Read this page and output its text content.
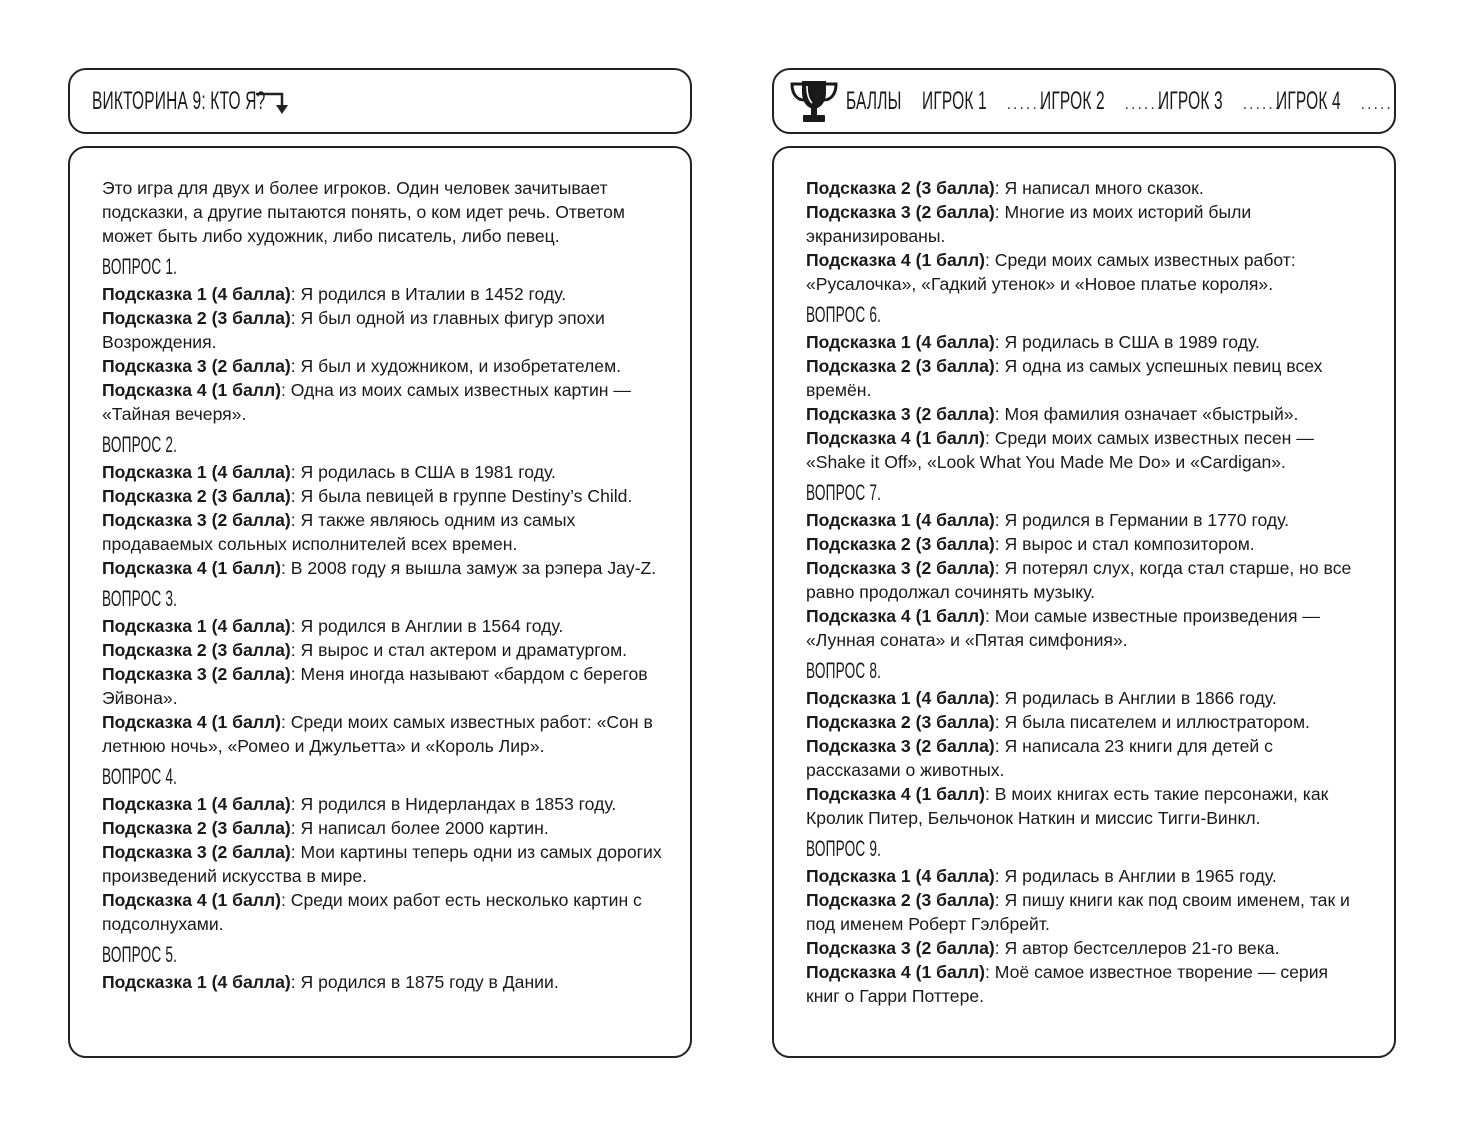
ВИКТОРИНА 9: КТО Я?	БАЛЛЫ ИГРОК 1 ......
ИГРОК 2 ......
ИГРОК 3 ......
ИГРОК 4 ......

Это игра для двух и более игроков. Один человек зачитывает подсказки, а другие пытаются понять, о ком идет речь. Ответом может быть либо художник, либо писатель, либо певец.

ВОПРОС 1.

Подсказка 1 (4 балла): Я родился в Италии в 1452 году.

Подсказка 2 (3 балла): Я был одной из главных фигур эпохи Возрождения.

Подсказка 3 (2 балла): Я был и художником, и изобретателем.

Подсказка 4 (1 балл): Одна из моих самых известных картин — «Тайная вечеря».

ВОПРОС 2.

Подсказка 1 (4 балла): Я родилась в США в 1981 году.

Подсказка 2 (3 балла): Я была певицей в группе Destiny’s Child.

Подсказка 3 (2 балла): Я также являюсь одним из самых продаваемых сольных исполнителей всех времен.

Подсказка 4 (1 балл): В 2008 году я вышла замуж за рэпера Jay-Z.

ВОПРОС 3.

Подсказка 1 (4 балла): Я родился в Англии в 1564 году.

Подсказка 2 (3 балла): Я вырос и стал актером и драматургом.

Подсказка 3 (2 балла): Меня иногда называют «бардом с берегов Эйвона».

Подсказка 4 (1 балл): Среди моих самых известных работ: «Сон в летнюю ночь», «Ромео и Джульетта» и «Король Лир».

ВОПРОС 4.

Подсказка 1 (4 балла): Я родился в Нидерландах в 1853 году.

Подсказка 2 (3 балла): Я написал более 2000 картин.

Подсказка 3 (2 балла): Мои картины теперь одни из самых дорогих произведений искусства в мире.

Подсказка 4 (1 балл): Среди моих работ есть несколько картин с подсолнухами.

ВОПРОС 5.

Подсказка 1 (4 балла): Я родился в 1875 году в Дании.

Подсказка 2 (3 балла): Я написал много сказок.

Подсказка 3 (2 балла): Многие из моих историй были экранизированы.

Подсказка 4 (1 балл): Среди моих самых известных работ: «Русалочка», «Гадкий утенок» и «Новое платье короля».

ВОПРОС 6.

Подсказка 1 (4 балла): Я родилась в США в 1989 году.

Подсказка 2 (3 балла): Я одна из самых успешных певиц всех времён.

Подсказка 3 (2 балла): Моя фамилия означает «быстрый».

Подсказка 4 (1 балл): Среди моих самых известных песен — «Shake it Off», «Look What You Made Me Do» и «Cardigan».

ВОПРОС 7.

Подсказка 1 (4 балла): Я родился в Германии в 1770 году.

Подсказка 2 (3 балла): Я вырос и стал композитором.

Подсказка 3 (2 балла): Я потерял слух, когда стал старше, но все равно продолжал сочинять музыку.

Подсказка 4 (1 балл): Мои самые известные произведения — «Лунная соната» и «Пятая симфония».

ВОПРОС 8.

Подсказка 1 (4 балла): Я родилась в Англии в 1866 году.

Подсказка 2 (3 балла): Я была писателем и иллюстратором.

Подсказка 3 (2 балла): Я написала 23 книги для детей с рассказами о животных.

Подсказка 4 (1 балл): В моих книгах есть такие персонажи, как Кролик Питер, Бельчонок Наткин и миссис Тигги-Винкл.

ВОПРОС 9.

Подсказка 1 (4 балла): Я родилась в Англии в 1965 году.

Подсказка 2 (3 балла): Я пишу книги как под своим именем, так и под именем Роберт Гэлбрейт.

Подсказка 3 (2 балла): Я автор бестселлеров 21-го века.

Подсказка 4 (1 балл): Моё самое известное творение — серия книг о Гарри Поттере.
